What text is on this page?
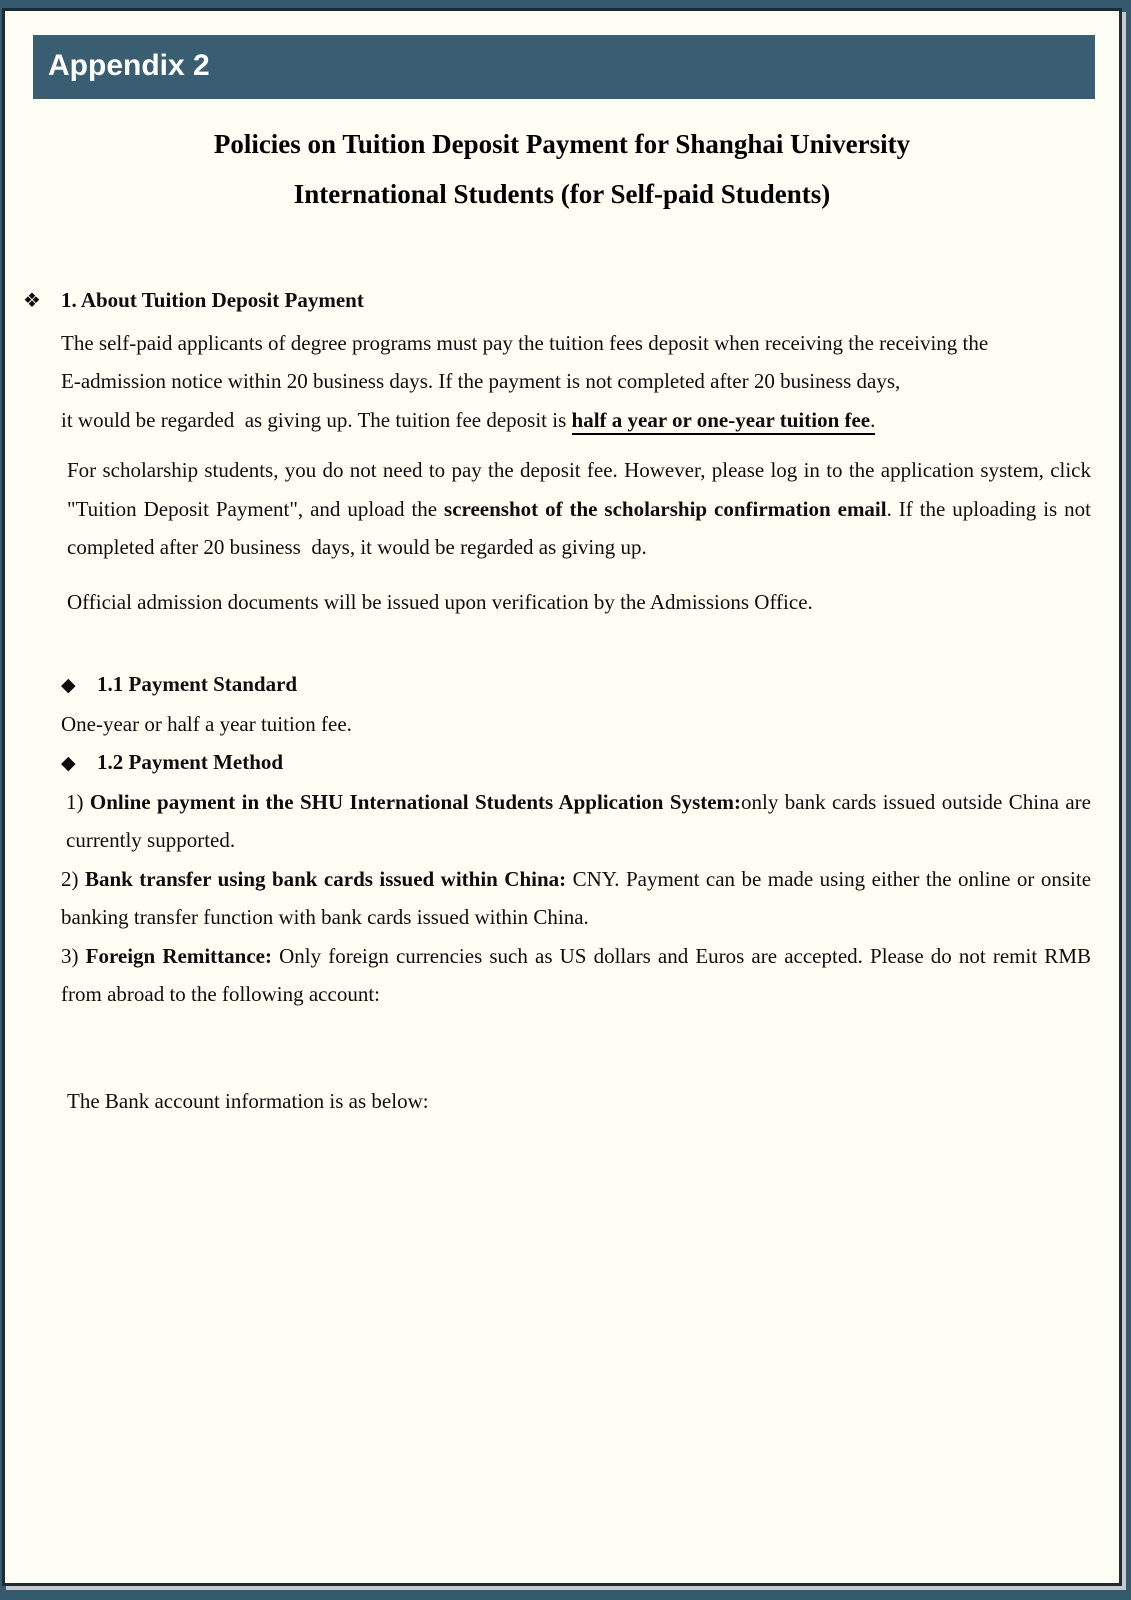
Appendix 2
Policies on Tuition Deposit Payment for Shanghai University
International Students (for Self-paid Students)
❖ 1. About Tuition Deposit Payment

The self-paid applicants of degree programs must pay the tuition fees deposit when receiving the receiving the
E-admission notice within 20 business days. If the payment is not completed after 20 business days,
it would be regarded  as giving up. The tuition fee deposit is half a year or one-year tuition fee.

For scholarship students, you do not need to pay the deposit fee. However, please log in to the application system, click "Tuition Deposit Payment", and upload the screenshot of the scholarship confirmation email. If the uploading is not completed after 20 business  days, it would be regarded as giving up.

Official admission documents will be issued upon verification by the Admissions Office.

◆ 1.1 Payment Standard

One-year or half a year tuition fee.

◆ 1.2 Payment Method

1) Online payment in the SHU International Students Application System:only bank cards issued outside China are currently supported.

2) Bank transfer using bank cards issued within China: CNY. Payment can be made using either the online or onsite banking transfer function with bank cards issued within China.

3) Foreign Remittance: Only foreign currencies such as US dollars and Euros are accepted. Please do not remit RMB from abroad to the following account:

The Bank account information is as below:
